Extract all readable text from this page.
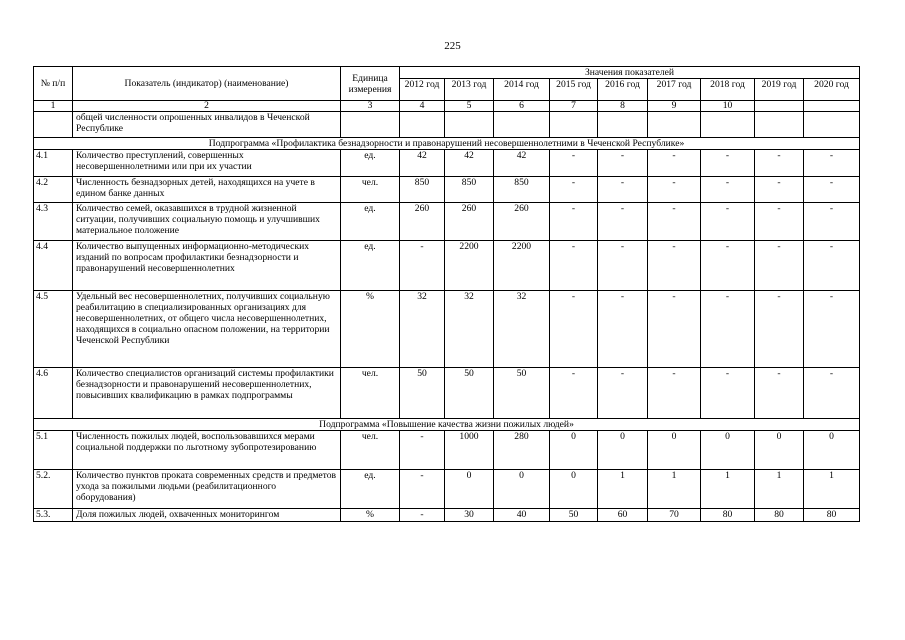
225
№ п/п	Показатель (индикатор) (наименование)	Единица измерения	Значения показателей								
			2012 год	2013 год	2014 год	2015 год	2016 год	2017 год	2018 год	2019 год	2020 год
1	2	3	4	5	6	7	8	9	10		
	общей численности опрошенных инвалидов в Чеченской Республике										
Подпрограмма «Профилактика безнадзорности и правонарушений несовершеннолетними в Чеченской Республике»											
4.1	Количество преступлений, совершенных несовершеннолетними или при их участии	ед.	42	42	42	-	-	-	-	-	-
4.2	Численность безнадзорных детей, находящихся на учете в едином банке данных	чел.	850	850	850	-	-	-	-	-	-
4.3	Количество семей, оказавшихся в трудной жизненной ситуации, получивших социальную помощь и улучшивших материальное положение	ед.	260	260	260	-	-	-	-	-	-
4.4	Количество выпущенных информационно-методических изданий по вопросам профилактики безнадзорности и правонарушений несовершеннолетних	ед.	-	2200	2200	-	-	-	-	-	-
4.5	Удельный вес несовершеннолетних, получивших социальную реабилитацию в специализированных организациях для несовершеннолетних, от общего числа несовершеннолетних, находящихся в социально опасном положении, на территории Чеченской Республики	%	32	32	32	-	-	-	-	-	-
4.6	Количество специалистов организаций системы профилактики безнадзорности и правонарушений несовершеннолетних, повысивших квалификацию в рамках подпрограммы	чел.	50	50	50	-	-	-	-	-	-
Подпрограмма «Повышение качества жизни пожилых людей»											
5.1	Численность пожилых людей, воспользовавшихся мерами социальной поддержки по льготному зубопротезированию	чел.	-	1000	280	0	0	0	0	0	0
5.2.	Количество пунктов проката современных средств и предметов ухода за пожилыми людьми (реабилитационного оборудования)	ед.	-	0	0	0	1	1	1	1	1
5.3.	Доля пожилых людей, охваченных мониторингом	%	-	30	40	50	60	70	80	80	80
